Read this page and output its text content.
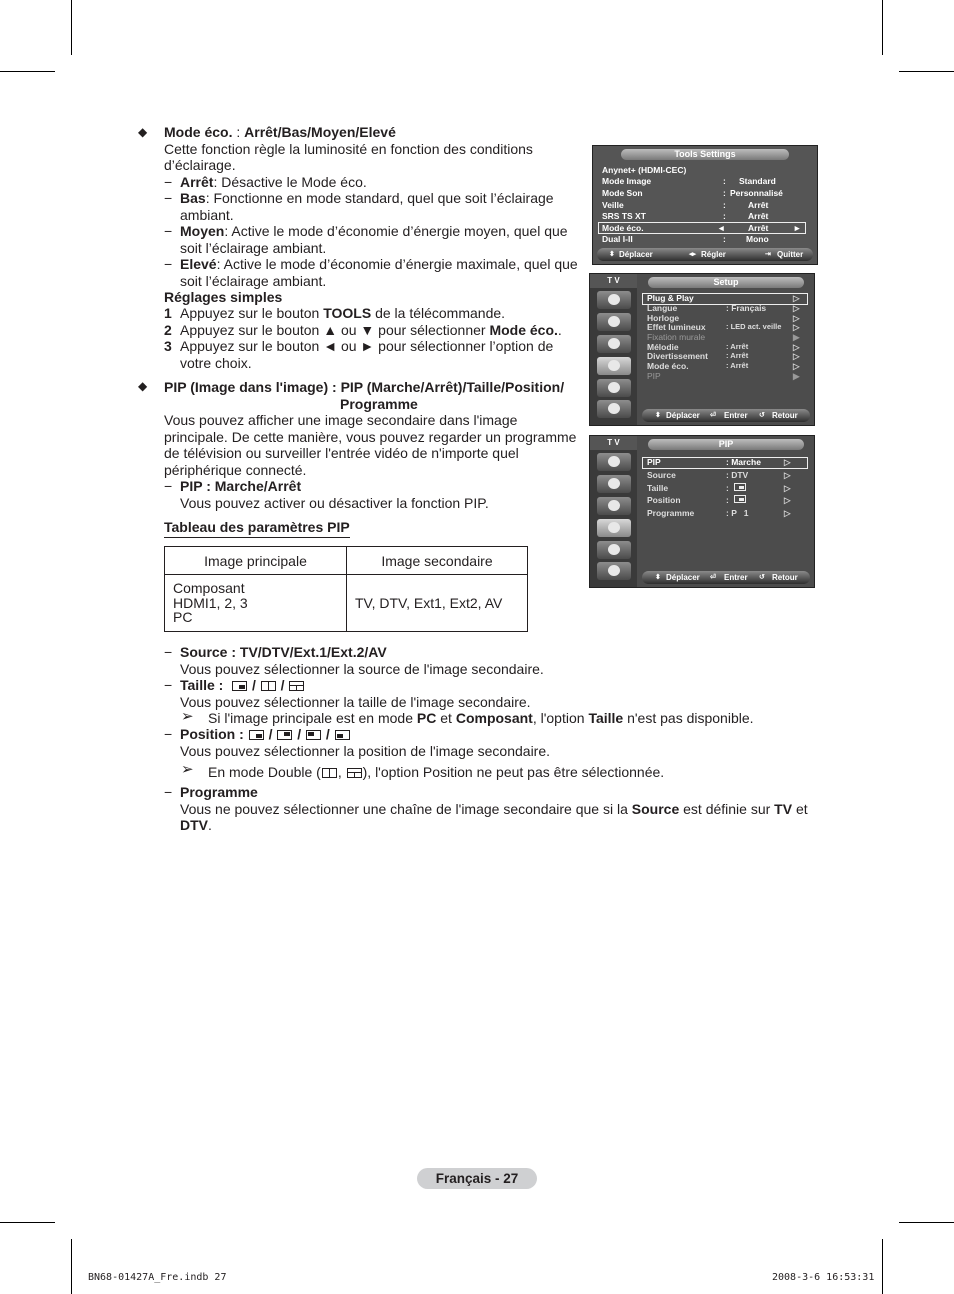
◆ Mode éco. : Arrêt/Bas/Moyen/Elevé
Cette fonction règle la luminosité en fonction des conditions
d’éclairage.
− Arrêt: Désactive le Mode éco.
− Bas: Fonctionne en mode standard, quel que soit l’éclairage
ambiant.
− Moyen: Active le mode d’économie d’énergie moyen, quel que
soit l’éclairage ambiant.
− Elevé: Active le mode d’économie d’énergie maximale, quel que
soit l’éclairage ambiant.
Réglages simples
1 Appuyez sur le bouton TOOLS de la télécommande.
2 Appuyez sur le bouton ▲ ou ▼ pour sélectionner Mode éco..
3 Appuyez sur le bouton ◄ ou ► pour sélectionner l’option de
votre choix.
◆ PIP (Image dans l'image) : PIP (Marche/Arrêt)/Taille/Position/
Programme
Vous pouvez afficher une image secondaire dans l'image
principale. De cette manière, vous pouvez regarder un programme
de télévision ou surveiller l'entrée vidéo de n'importe quel
périphérique connecté.
− PIP : Marche/Arrêt
Vous pouvez activer ou désactiver la fonction PIP.
Tableau des paramètres PIP
Image principale	Image secondaire

Composant
HDMI1, 2, 3
PC	TV, DTV, Ext1, Ext2, AV
− Source : TV/DTV/Ext.1/Ext.2/AV
Vous pouvez sélectionner la source de l'image secondaire.
− Taille : / /
Vous pouvez sélectionner la taille de l'image secondaire.
➢ Si l'image principale est en mode PC et Composant, l'option Taille n'est pas disponible.
− Position : / / /
Vous pouvez sélectionner la position de l'image secondaire.
➢ En mode Double ( , ), l'option Position ne peut pas être sélectionnée.
− Programme
Vous ne pouvez sélectionner une chaîne de l'image secondaire que si la Source est définie sur TV et
DTV.
Tools Settings
Anynet+ (HDMI-CEC)
Mode Image	: Standard
Mode Son	: Personnalisé
Veille	:	Arrêt
SRS TS XT	:	Arrêt
Mode éco.	◄	Arrêt	►
Dual I-II	: Mono
⬍ Déplacer	◂▸ Régler	⇥ Quitter
T V	Setup
Plug & Play	▷
Langue	: Français	▷
Horloge	▷
Effet lumineux	: LED act. veille ▷
Fixation murale	▶
Mélodie	: Arrêt	▷
Divertissement : Arrêt	▷
Mode éco.	: Arrêt	▷
PIP	▶
⬍ Déplacer ⏎ Entrer ↺ Retour
T V	PIP
PIP	: Marche	▷
Source	: DTV	▷
Taille	:	▷
Position	:	▷
Programme	: P   1	▷
⬍ Déplacer ⏎ Entrer ↺ Retour
Français - 27
BN68-01427A_Fre.indb 27	2008-3-6 16:53:31
